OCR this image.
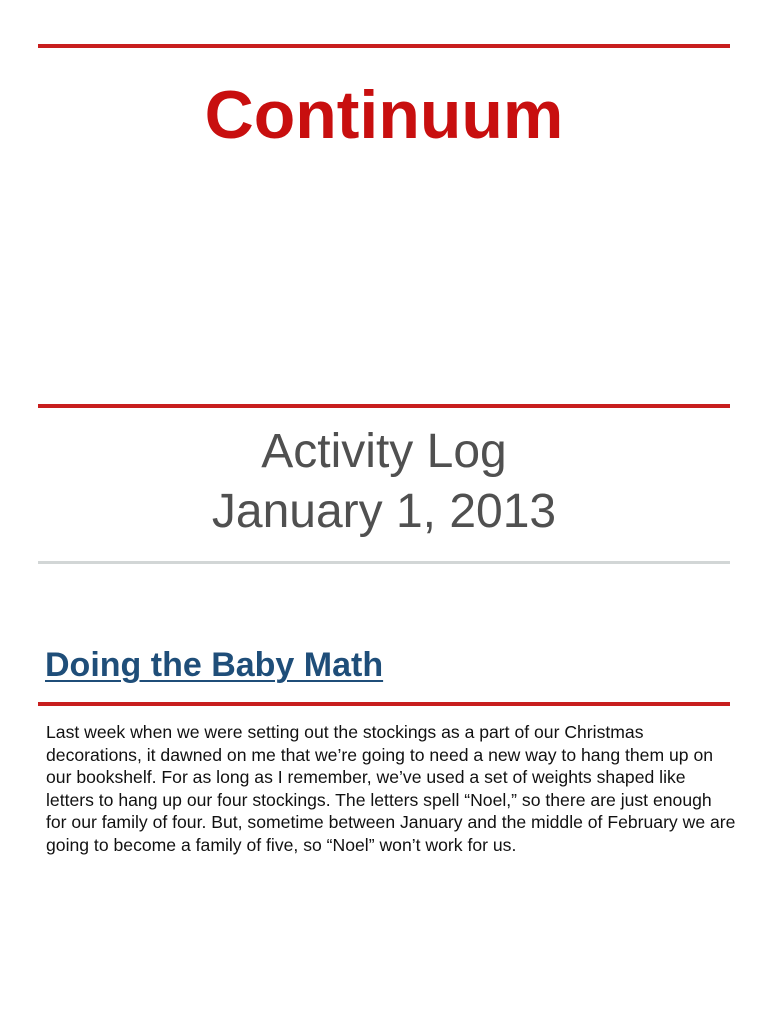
Continuum
Activity Log
January 1, 2013
Doing the Baby Math

Last week when we were setting out the stockings as a part of our Christmas decorations, it dawned on me that we’re going to need a new way to hang them up on our bookshelf. For as long as I remember, we’ve used a set of weights shaped like letters to hang up our four stockings. The letters spell “Noel,” so there are just enough for our family of four. But, sometime between January and the middle of February we are going to become a family of five, so “Noel” won’t work for us.
